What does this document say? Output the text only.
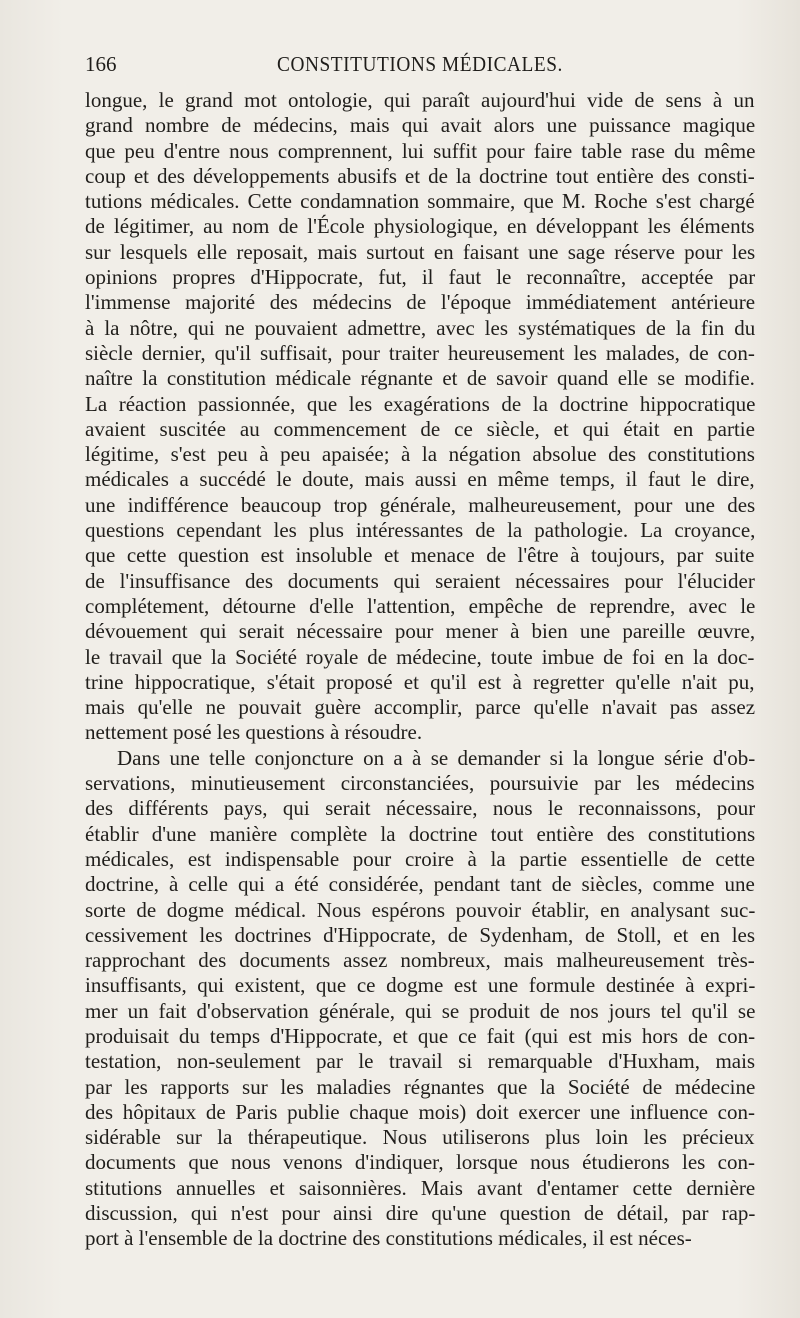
166	CONSTITUTIONS MÉDICALES.

longue, le grand mot ontologie, qui paraît aujourd'hui vide de sens à un
grand nombre de médecins, mais qui avait alors une puissance magique
que peu d'entre nous comprennent, lui suffit pour faire table rase du même
coup et des développements abusifs et de la doctrine tout entière des consti-
tutions médicales. Cette condamnation sommaire, que M. Roche s'est chargé
de légitimer, au nom de l'École physiologique, en développant les éléments
sur lesquels elle reposait, mais surtout en faisant une sage réserve pour les
opinions propres d'Hippocrate, fut, il faut le reconnaître, acceptée par
l'immense majorité des médecins de l'époque immédiatement antérieure
à la nôtre, qui ne pouvaient admettre, avec les systématiques de la fin du
siècle dernier, qu'il suffisait, pour traiter heureusement les malades, de con-
naître la constitution médicale régnante et de savoir quand elle se modifie.
La réaction passionnée, que les exagérations de la doctrine hippocratique
avaient suscitée au commencement de ce siècle, et qui était en partie
légitime, s'est peu à peu apaisée; à la négation absolue des constitutions
médicales a succédé le doute, mais aussi en même temps, il faut le dire,
une indifférence beaucoup trop générale, malheureusement, pour une des
questions cependant les plus intéressantes de la pathologie. La croyance,
que cette question est insoluble et menace de l'être à toujours, par suite
de l'insuffisance des documents qui seraient nécessaires pour l'élucider
complétement, détourne d'elle l'attention, empêche de reprendre, avec le
dévouement qui serait nécessaire pour mener à bien une pareille œuvre,
le travail que la Société royale de médecine, toute imbue de foi en la doc-
trine hippocratique, s'était proposé et qu'il est à regretter qu'elle n'ait pu,
mais qu'elle ne pouvait guère accomplir, parce qu'elle n'avait pas assez
nettement posé les questions à résoudre.

Dans une telle conjoncture on a à se demander si la longue série d'ob-
servations, minutieusement circonstanciées, poursuivie par les médecins
des différents pays, qui serait nécessaire, nous le reconnaissons, pour
établir d'une manière complète la doctrine tout entière des constitutions
médicales, est indispensable pour croire à la partie essentielle de cette
doctrine, à celle qui a été considérée, pendant tant de siècles, comme une
sorte de dogme médical. Nous espérons pouvoir établir, en analysant suc-
cessivement les doctrines d'Hippocrate, de Sydenham, de Stoll, et en les
rapprochant des documents assez nombreux, mais malheureusement très-
insuffisants, qui existent, que ce dogme est une formule destinée à expri-
mer un fait d'observation générale, qui se produit de nos jours tel qu'il se
produisait du temps d'Hippocrate, et que ce fait (qui est mis hors de con-
testation, non-seulement par le travail si remarquable d'Huxham, mais
par les rapports sur les maladies régnantes que la Société de médecine
des hôpitaux de Paris publie chaque mois) doit exercer une influence con-
sidérable sur la thérapeutique. Nous utiliserons plus loin les précieux
documents que nous venons d'indiquer, lorsque nous étudierons les con-
stitutions annuelles et saisonnières. Mais avant d'entamer cette dernière
discussion, qui n'est pour ainsi dire qu'une question de détail, par rap-
port à l'ensemble de la doctrine des constitutions médicales, il est néces-
